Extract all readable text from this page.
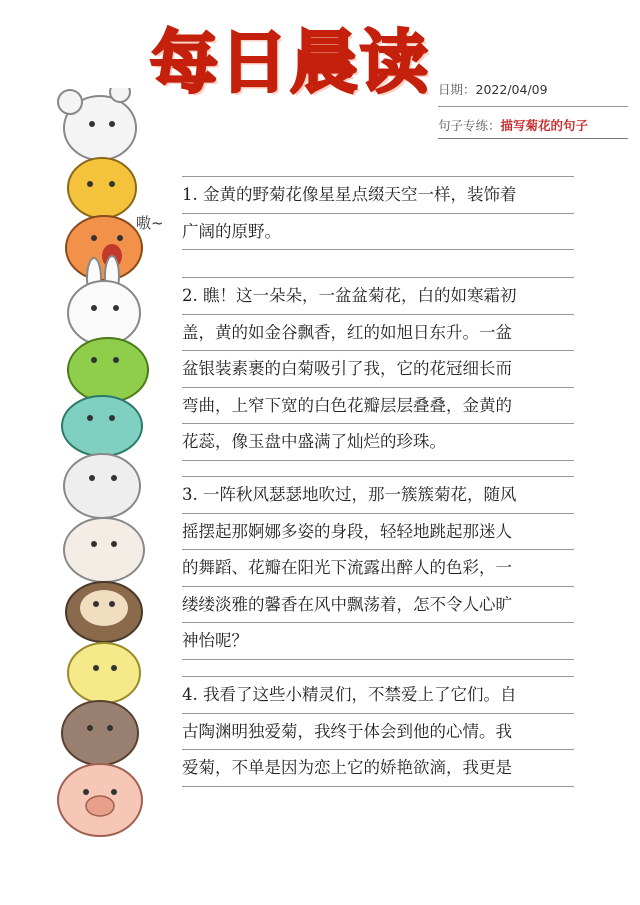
每日晨读 日期：2022/04/09
句子专练：描写菊花的句子
嗷~
1. 金黄的野菊花像星星点缀天空一样，装饰着
广阔的原野。
2. 瞧！这一朵朵，一盆盆菊花，白的如寒霜初
盖，黄的如金谷飘香，红的如旭日东升。一盆
盆银装素裹的白菊吸引了我，它的花冠细长而
弯曲，上窄下宽的白色花瓣层层叠叠，金黄的
花蕊，像玉盘中盛满了灿烂的珍珠。
3. 一阵秋风瑟瑟地吹过，那一簇簇菊花，随风
摇摆起那婀娜多姿的身段，轻轻地跳起那迷人
的舞蹈、花瓣在阳光下流露出醉人的色彩，一
缕缕淡雅的馨香在风中飘荡着，怎不令人心旷
神怡呢？
4. 我看了这些小精灵们，不禁爱上了它们。自
古陶渊明独爱菊，我终于体会到他的心情。我
爱菊，不单是因为恋上它的娇艳欲滴，我更是
